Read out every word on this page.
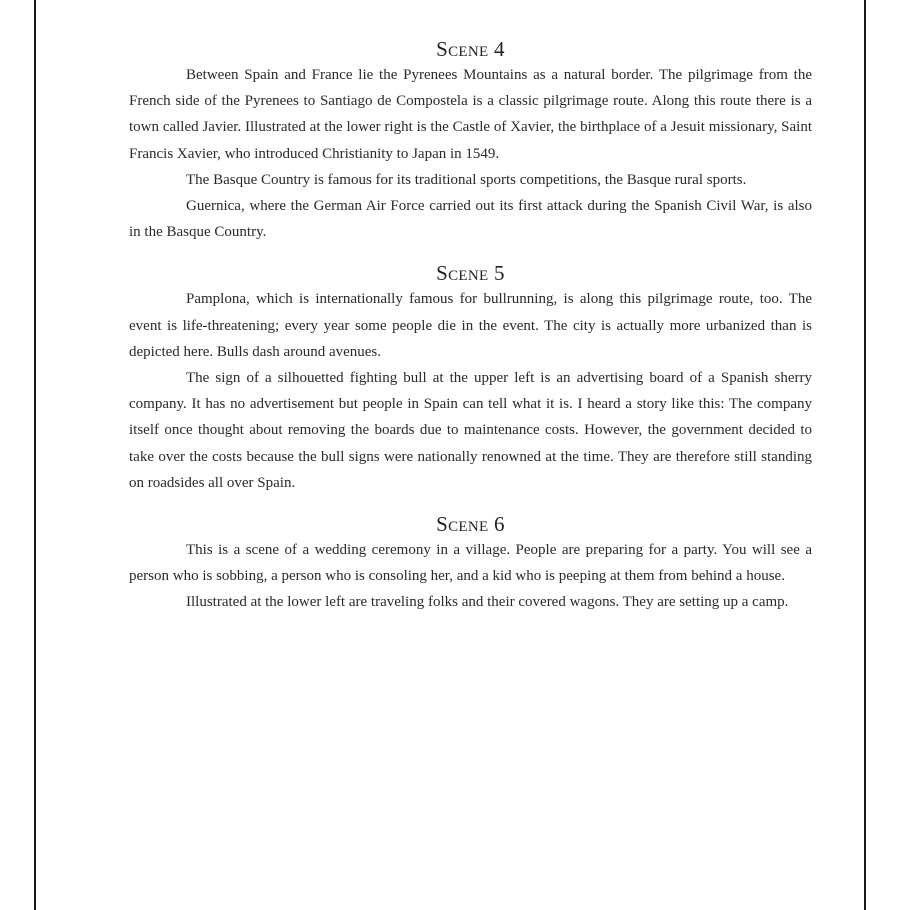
Scene 4

Between Spain and France lie the Pyrenees Mountains as a natural border. The pilgrimage from the French side of the Pyrenees to Santiago de Compostela is a classic pilgrimage route. Along this route there is a town called Javier. Illustrated at the lower right is the Castle of Xavier, the birthplace of a Jesuit missionary, Saint Francis Xavier, who introduced Christianity to Japan in 1549.

The Basque Country is famous for its traditional sports competitions, the Basque rural sports.

Guernica, where the German Air Force carried out its first attack during the Spanish Civil War, is also in the Basque Country.

Scene 5

Pamplona, which is internationally famous for bullrunning, is along this pilgrimage route, too. The event is life-threatening; every year some people die in the event. The city is actually more urbanized than is depicted here. Bulls dash around avenues.

The sign of a silhouetted fighting bull at the upper left is an advertising board of a Spanish sherry company. It has no advertisement but people in Spain can tell what it is. I heard a story like this: The company itself once thought about removing the boards due to maintenance costs. However, the government decided to take over the costs because the bull signs were nationally renowned at the time. They are therefore still standing on roadsides all over Spain.

Scene 6

This is a scene of a wedding ceremony in a village. People are preparing for a party. You will see a person who is sobbing, a person who is consoling her, and a kid who is peeping at them from behind a house.

Illustrated at the lower left are traveling folks and their covered wagons. They are setting up a camp.
